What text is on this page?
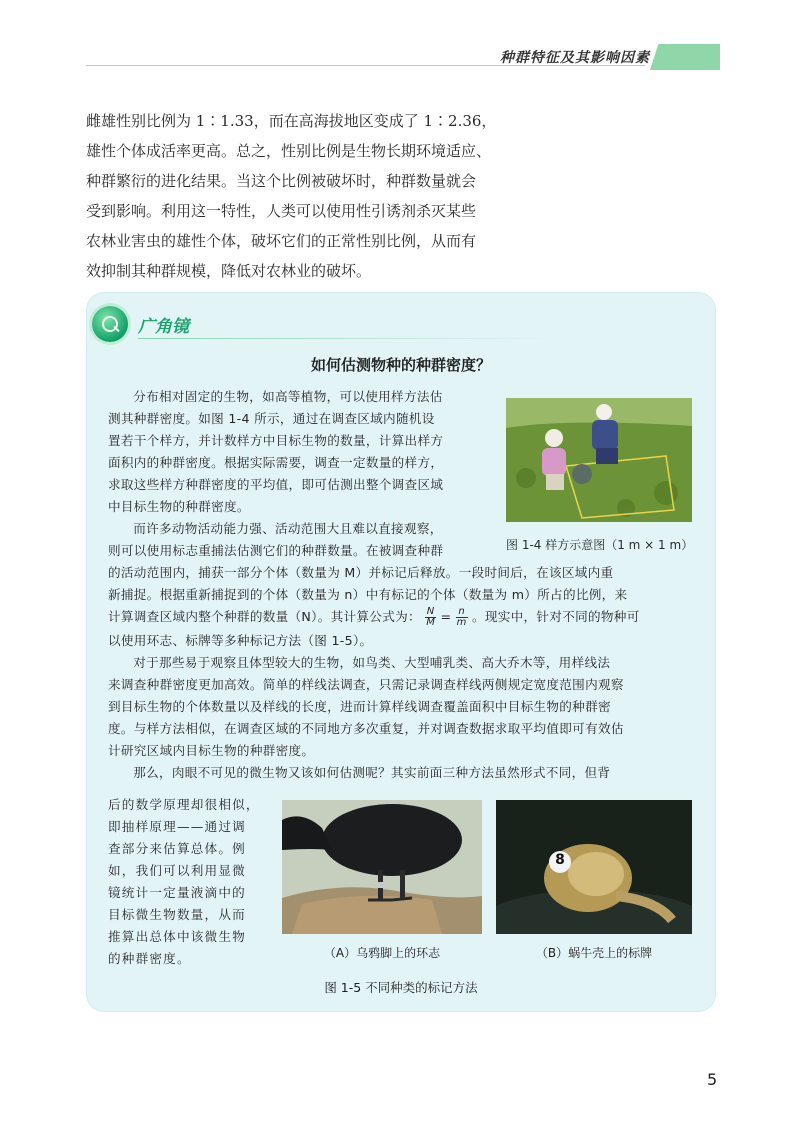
种群特征及其影响因素

雌雄性别比例为 1∶1.33，而在高海拔地区变成了 1∶2.36，

雄性个体成活率更高。总之，性别比例是生物长期环境适应、

种群繁衍的进化结果。当这个比例被破坏时，种群数量就会

受到影响。利用这一特性，人类可以使用性引诱剂杀灭某些

农林业害虫的雄性个体，破坏它们的正常性别比例，从而有

效抑制其种群规模，降低对农林业的破坏。

广角镜
如何估测物种的种群密度？

分布相对固定的生物，如高等植物，可以使用样方法估

测其种群密度。如图 1-4 所示，通过在调查区域内随机设

置若干个样方，并计数样方中目标生物的数量，计算出样方

面积内的种群密度。根据实际需要，调查一定数量的样方，

求取这些样方种群密度的平均值，即可估测出整个调查区域

中目标生物的种群密度。

而许多动物活动能力强、活动范围大且难以直接观察，

则可以使用标志重捕法估测它们的种群数量。在被调查种群	图 1-4 样方示意图（1 m × 1 m）

的活动范围内，捕获一部分个体（数量为 M）并标记后释放。一段时间后，在该区域内重

新捕捉。根据重新捕捉到的个体（数量为 n）中有标记的个体（数量为 m）所占的比例，来

计算调查区域内整个种群的数量（N）。其计算公式为： $\frac{N}{M} = \frac{n}{m}$ 。现实中，针对不同的物种可

以使用环志、标牌等多种标记方法（图 1-5）。

对于那些易于观察且体型较大的生物，如鸟类、大型哺乳类、高大乔木等，用样线法

来调查种群密度更加高效。简单的样线法调查，只需记录调查样线两侧规定宽度范围内观察

到目标生物的个体数量以及样线的长度，进而计算样线调查覆盖面积中目标生物的种群密

度。与样方法相似，在调查区域的不同地方多次重复，并对调查数据求取平均值即可有效估

计研究区域内目标生物的种群密度。

那么，肉眼不可见的微生物又该如何估测呢？其实前面三种方法虽然形式不同，但背

后的数学原理却很相似，

即抽样原理——通过调

查部分来估算总体。例

如，我们可以利用显微

镜统计一定量液滴中的

目标微生物数量，从而

推算出总体中该微生物

的种群密度。

8
（A）乌鸦脚上的环志	（B）蜗牛壳上的标牌
图 1-5 不同种类的标记方法
5
